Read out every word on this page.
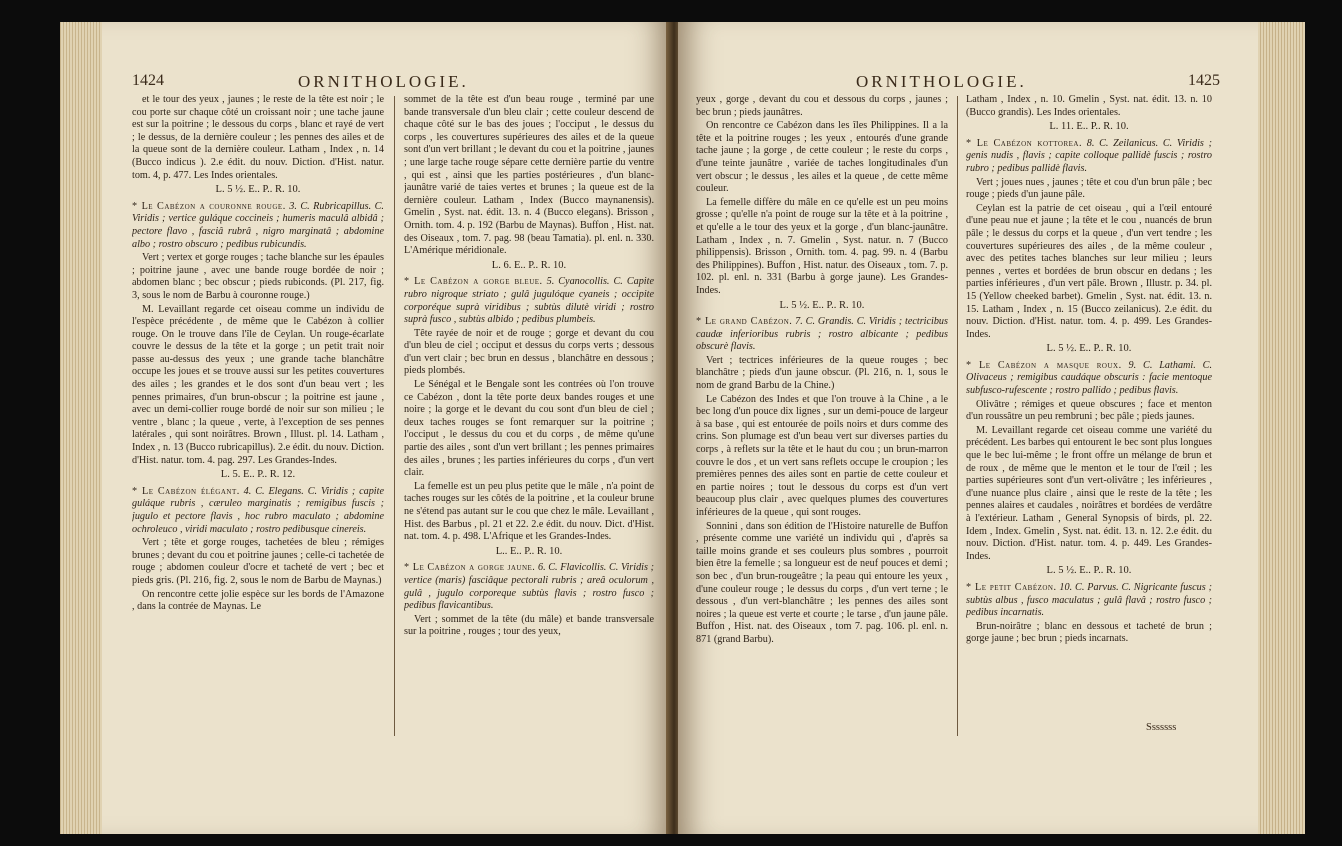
1424	ORNITHOLOGIE.

et le tour des yeux , jaunes ; le reste de la tête est noir ; le cou porte sur chaque côté un croissant noir ; une tache jaune est sur la poitrine ; le dessous du corps , blanc et rayé de vert ; le dessus, de la dernière couleur ; les pennes des ailes et de la queue sont de la dernière couleur. Latham , Index , n. 14 (Bucco indicus ). 2.e édit. du nouv. Diction. d'Hist. natur. tom. 4, p. 477. Les Indes orientales.

L. 5 ½. E.. P.. R. 10.

* Le Cabézon a couronne rouge. 3. C. Rubricapillus. C. Viridis ; vertice guláque coccineis ; humeris maculâ albidâ ; pectore flavo , fasciâ rubrâ , nigro marginatâ ; abdomine albo ; rostro obscuro ; pedibus rubicundis.

Vert ; vertex et gorge rouges ; tache blanche sur les épaules ; poitrine jaune , avec une bande rouge bordée de noir ; abdomen blanc ; bec obscur ; pieds rubiconds. (Pl. 217, fig. 3, sous le nom de Barbu à couronne rouge.)

M. Levaillant regarde cet oiseau comme un individu de l'espèce précédente , de même que le Cabézon à collier rouge. On le trouve dans l'île de Ceylan. Un rouge-écarlate couvre le dessus de la tête et la gorge ; un petit trait noir passe au-dessus des yeux ; une grande tache blanchâtre occupe les joues et se trouve aussi sur les petites couvertures des ailes ; les grandes et le dos sont d'un beau vert ; les pennes primaires, d'un brun-obscur ; la poitrine est jaune , avec un demi-collier rouge bordé de noir sur son milieu ; le ventre , blanc ; la queue , verte, à l'exception de ses pennes latérales , qui sont noirâtres. Brown , Illust. pl. 14. Latham , Index , n. 13 (Bucco rubricapillus). 2.e édit. du nouv. Diction. d'Hist. natur. tom. 4. pag. 297. Les Grandes-Indes.

L. 5. E.. P.. R. 12.

* Le Cabézon élégant. 4. C. Elegans. C. Viridis ; capite guláque rubris , cæruleo marginatis ; remigibus fuscis ; jugulo et pectore flavis , hoc rubro maculato ; abdomine ochroleuco , viridi maculato ; rostro pedibusque cinereis.

Vert ; tête et gorge rouges, tachetées de bleu ; rémiges brunes ; devant du cou et poitrine jaunes ; celle-ci tachetée de rouge ; abdomen couleur d'ocre et tacheté de vert ; bec et pieds gris. (Pl. 216, fig. 2, sous le nom de Barbu de Maynas.)

On rencontre cette jolie espèce sur les bords de l'Amazone , dans la contrée de Maynas. Le

sommet de la tête est d'un beau rouge , terminé par une bande transversale d'un bleu clair ; cette couleur descend de chaque côté sur le bas des joues ; l'occiput , le dessus du corps , les couvertures supérieures des ailes et de la queue sont d'un vert brillant ; le devant du cou et la poitrine , jaunes ; une large tache rouge sépare cette dernière partie du ventre , qui est , ainsi que les parties postérieures , d'un blanc-jaunâtre varié de taies vertes et brunes ; la queue est de la dernière couleur. Latham , Index (Bucco maynanensis). Gmelin , Syst. nat. édit. 13. n. 4 (Bucco elegans). Brisson , Ornith. tom. 4. p. 192 (Barbu de Maynas). Buffon , Hist. nat. des Oiseaux , tom. 7. pag. 98 (beau Tamatia). pl. enl. n. 330. L'Amérique méridionale.

L. 6. E.. P.. R. 10.

* Le Cabézon a gorge bleue. 5. Cyanocollis. C. Capite rubro nigroque striato ; gulâ jugulóque cyaneis ; occipite corporéque suprà viridibus ; subtùs dilutè viridi ; rostro suprà fusco , subtùs albido ; pedibus plumbeis.

Tête rayée de noir et de rouge ; gorge et devant du cou d'un bleu de ciel ; occiput et dessus du corps verts ; dessous d'un vert clair ; bec brun en dessus , blanchâtre en dessous ; pieds plombés.

Le Sénégal et le Bengale sont les contrées où l'on trouve ce Cabézon , dont la tête porte deux bandes rouges et une noire ; la gorge et le devant du cou sont d'un bleu de ciel ; deux taches rouges se font remarquer sur la poitrine ; l'occiput , le dessus du cou et du corps , de même qu'une partie des ailes , sont d'un vert brillant ; les pennes primaires des ailes , brunes ; les parties inférieures du corps , d'un vert clair.

La femelle est un peu plus petite que le mâle , n'a point de taches rouges sur les côtés de la poitrine , et la couleur brune ne s'étend pas autant sur le cou que chez le mâle. Levaillant , Hist. des Barbus , pl. 21 et 22. 2.e édit. du nouv. Dict. d'Hist. nat. tom. 4. p. 498. L'Afrique et les Grandes-Indes.

L.. E.. P.. R. 10.

* Le Cabézon a gorge jaune. 6. C. Flavicollis. C. Viridis ; vertice (maris) fasciâque pectorali rubris ; areâ oculorum , gulâ , jugulo corporeque subtùs flavis ; rostro fusco ; pedibus flavicantibus.

Vert ; sommet de la tête (du mâle) et bande transversale sur la poitrine , rouges ; tour des yeux,

ORNITHOLOGIE.	1425

yeux , gorge , devant du cou et dessous du corps , jaunes ; bec brun ; pieds jaunâtres.

On rencontre ce Cabézon dans les îles Philippines. Il a la tête et la poitrine rouges ; les yeux , entourés d'une grande tache jaune ; la gorge , de cette couleur ; le reste du corps , d'une teinte jaunâtre , variée de taches longitudinales d'un vert obscur ; le dessus , les ailes et la queue , de cette même couleur.

La femelle diffère du mâle en ce qu'elle est un peu moins grosse ; qu'elle n'a point de rouge sur la tête et à la poitrine , et qu'elle a le tour des yeux et la gorge , d'un blanc-jaunâtre. Latham , Index , n. 7. Gmelin , Syst. natur. n. 7 (Bucco philippensis). Brisson , Ornith. tom. 4. pag. 99. n. 4 (Barbu des Philippines). Buffon , Hist. natur. des Oiseaux , tom. 7. p. 102. pl. enl. n. 331 (Barbu à gorge jaune). Les Grandes-Indes.

L. 5 ½. E.. P.. R. 10.

* Le grand Cabézon. 7. C. Grandis. C. Viridis ; tectricibus caudæ inferioribus rubris ; rostro albicante ; pedibus obscurè flavis.

Vert ; tectrices inférieures de la queue rouges ; bec blanchâtre ; pieds d'un jaune obscur. (Pl. 216, n. 1, sous le nom de grand Barbu de la Chine.)

Le Cabézon des Indes et que l'on trouve à la Chine , a le bec long d'un pouce dix lignes , sur un demi-pouce de largeur à sa base , qui est entourée de poils noirs et durs comme des crins. Son plumage est d'un beau vert sur diverses parties du corps , à reflets sur la tête et le haut du cou ; un brun-marron couvre le dos , et un vert sans reflets occupe le croupion ; les premières pennes des ailes sont en partie de cette couleur et en partie noires ; tout le dessous du corps est d'un vert beaucoup plus clair , avec quelques plumes des couvertures inférieures de la queue , qui sont rouges.

Sonnini , dans son édition de l'Histoire naturelle de Buffon , présente comme une variété un individu qui , d'après sa taille moins grande et ses couleurs plus sombres , pourroit bien être la femelle ; sa longueur est de neuf pouces et demi ; son bec , d'un brun-rougeâtre ; la peau qui entoure les yeux , d'une couleur rouge ; le dessus du corps , d'un vert terne ; le dessous , d'un vert-blanchâtre ; les pennes des ailes sont noires ; la queue est verte et courte ; le tarse , d'un jaune pâle. Buffon , Hist. nat. des Oiseaux , tom 7. pag. 106. pl. enl. n. 871 (grand Barbu).

Latham , Index , n. 10. Gmelin , Syst. nat. édit. 13. n. 10 (Bucco grandis). Les Indes orientales.

L. 11. E.. P.. R. 10.

* Le Cabézon kottorea. 8. C. Zeilanicus. C. Viridis ; genis nudis , flavis ; capite colloque pallidè fuscis ; rostro rubro ; pedibus pallidè flavis.

Vert ; joues nues , jaunes ; tête et cou d'un brun pâle ; bec rouge ; pieds d'un jaune pâle.

Ceylan est la patrie de cet oiseau , qui a l'œil entouré d'une peau nue et jaune ; la tête et le cou , nuancés de brun pâle ; le dessus du corps et la queue , d'un vert tendre ; les couvertures supérieures des ailes , de la même couleur , avec des petites taches blanches sur leur milieu ; leurs pennes , vertes et bordées de brun obscur en dedans ; les parties inférieures , d'un vert pâle. Brown , Illustr. p. 34. pl. 15 (Yellow cheeked barbet). Gmelin , Syst. nat. édit. 13. n. 15. Latham , Index , n. 15 (Bucco zeilanicus). 2.e édit. du nouv. Diction. d'Hist. natur. tom. 4. p. 499. Les Grandes-Indes.

L. 5 ½. E.. P.. R. 10.

* Le Cabézon a masque roux. 9. C. Lathami. C. Olivaceus ; remigibus caudáque obscuris : facie mentoque subfusco-rufescente ; rostro pallido ; pedibus flavis.

Olivâtre ; rémiges et queue obscures ; face et menton d'un roussâtre un peu rembruni ; bec pâle ; pieds jaunes.

M. Levaillant regarde cet oiseau comme une variété du précédent. Les barbes qui entourent le bec sont plus longues que le bec lui-même ; le front offre un mélange de brun et de roux , de même que le menton et le tour de l'œil ; les parties supérieures sont d'un vert-olivâtre ; les inférieures , d'une nuance plus claire , ainsi que le reste de la tête ; les pennes alaires et caudales , noirâtres et bordées de verdâtre à l'extérieur. Latham , General Synopsis of birds, pl. 22. Idem , Index. Gmelin , Syst. nat. édit. 13. n. 12. 2.e édit. du nouv. Diction. d'Hist. natur. tom. 4. p. 449. Les Grandes-Indes.

L. 5 ½. E.. P.. R. 10.

* Le petit Cabézon. 10. C. Parvus. C. Nigricante fuscus ; subtùs albus , fusco maculatus ; gulâ flavâ ; rostro fusco ; pedibus incarnatis.

Brun-noirâtre ; blanc en dessous et tacheté de brun ; gorge jaune ; bec brun ; pieds incarnats.

Sssssss
